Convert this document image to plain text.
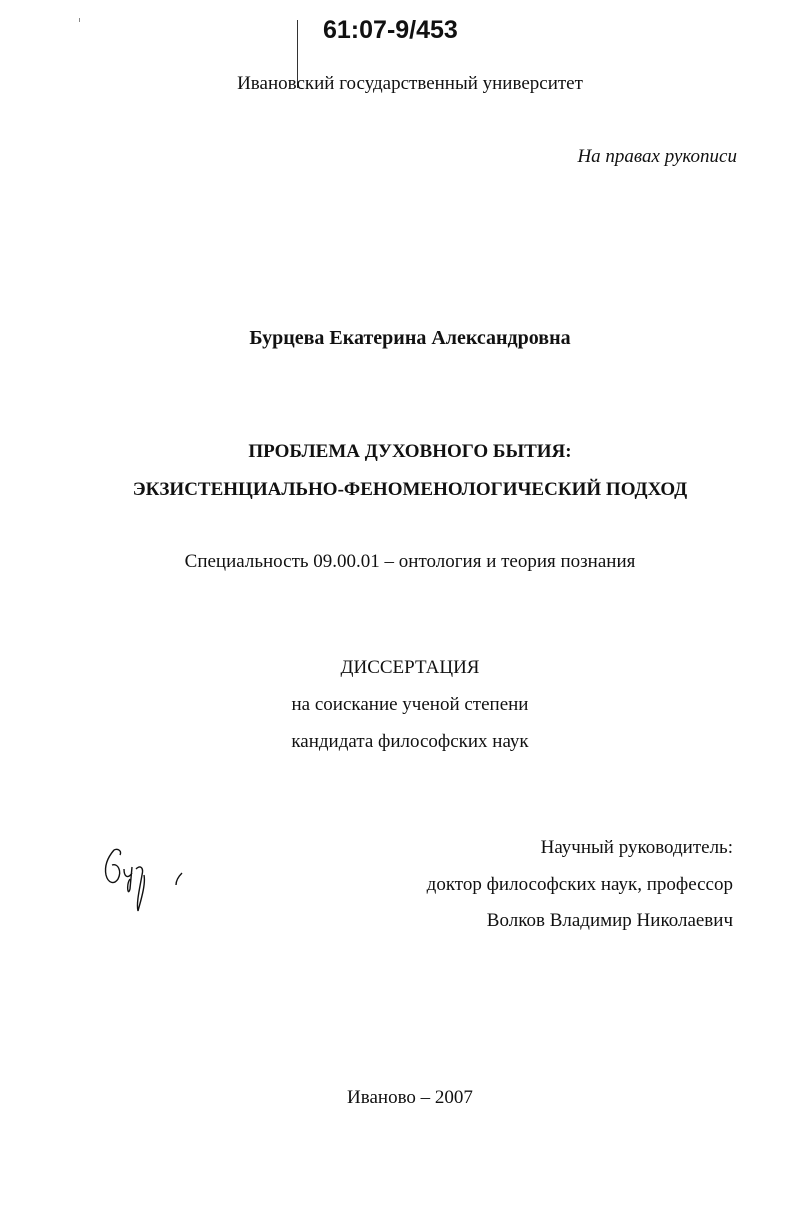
61:07-9/453
Ивановский государственный университет
На правах рукописи
Бурцева Екатерина Александровна
ПРОБЛЕМА ДУХОВНОГО БЫТИЯ:
ЭКЗИСТЕНЦИАЛЬНО-ФЕНОМЕНОЛОГИЧЕСКИЙ ПОДХОД
Специальность 09.00.01 – онтология и теория познания
ДИССЕРТАЦИЯ
на соискание ученой степени
кандидата философских наук
Научный руководитель:
доктор философских наук, профессор
Волков Владимир Николаевич
Иваново – 2007
